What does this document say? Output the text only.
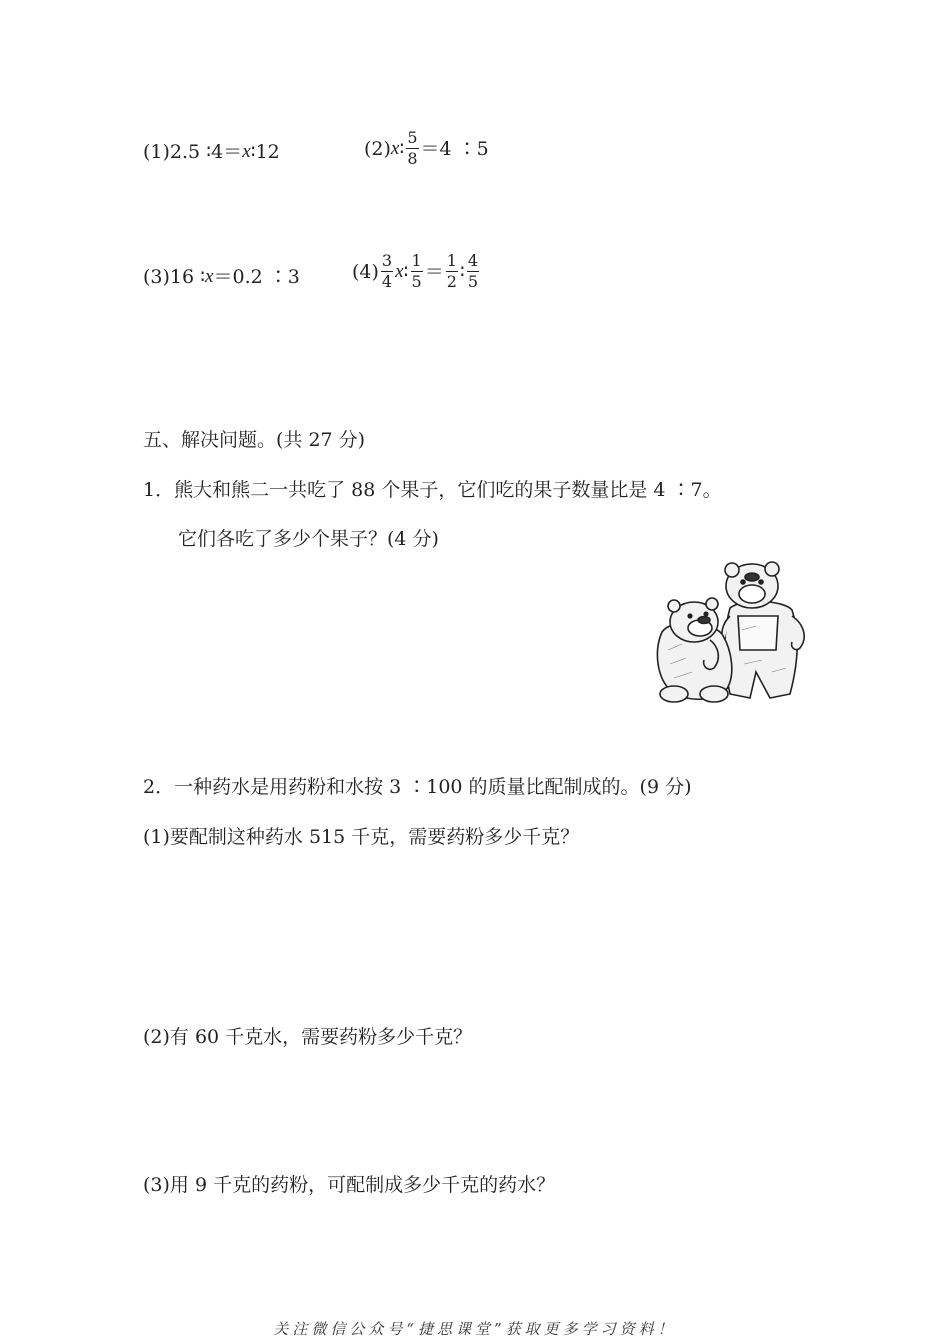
(1)2.5 ∶4＝ x ∶12	(2) x ∶ $\frac{5}{8} =4$ ∶5
(3)16 ∶ x ＝0.2 ∶3	$(4) \frac{3}{4}$ x ∶ $\frac{1}{5} = \frac{1}{2}$ ∶ $\frac{4}{5}$
五、解决问题。(共 27 分)
1．熊大和熊二一共吃了 88 个果子，它们吃的果子数量比是 4 ∶7。
它们各吃了多少个果子？(4 分)
2．一种药水是用药粉和水按 3 ∶100 的质量比配制成的。(9 分)
(1)要配制这种药水 515 千克，需要药粉多少千克？
(2)有 60 千克水，需要药粉多少千克？
(3)用 9 千克的药粉，可配制成多少千克的药水？
关注微信公众号“捷思课堂”获取更多学习资料！
